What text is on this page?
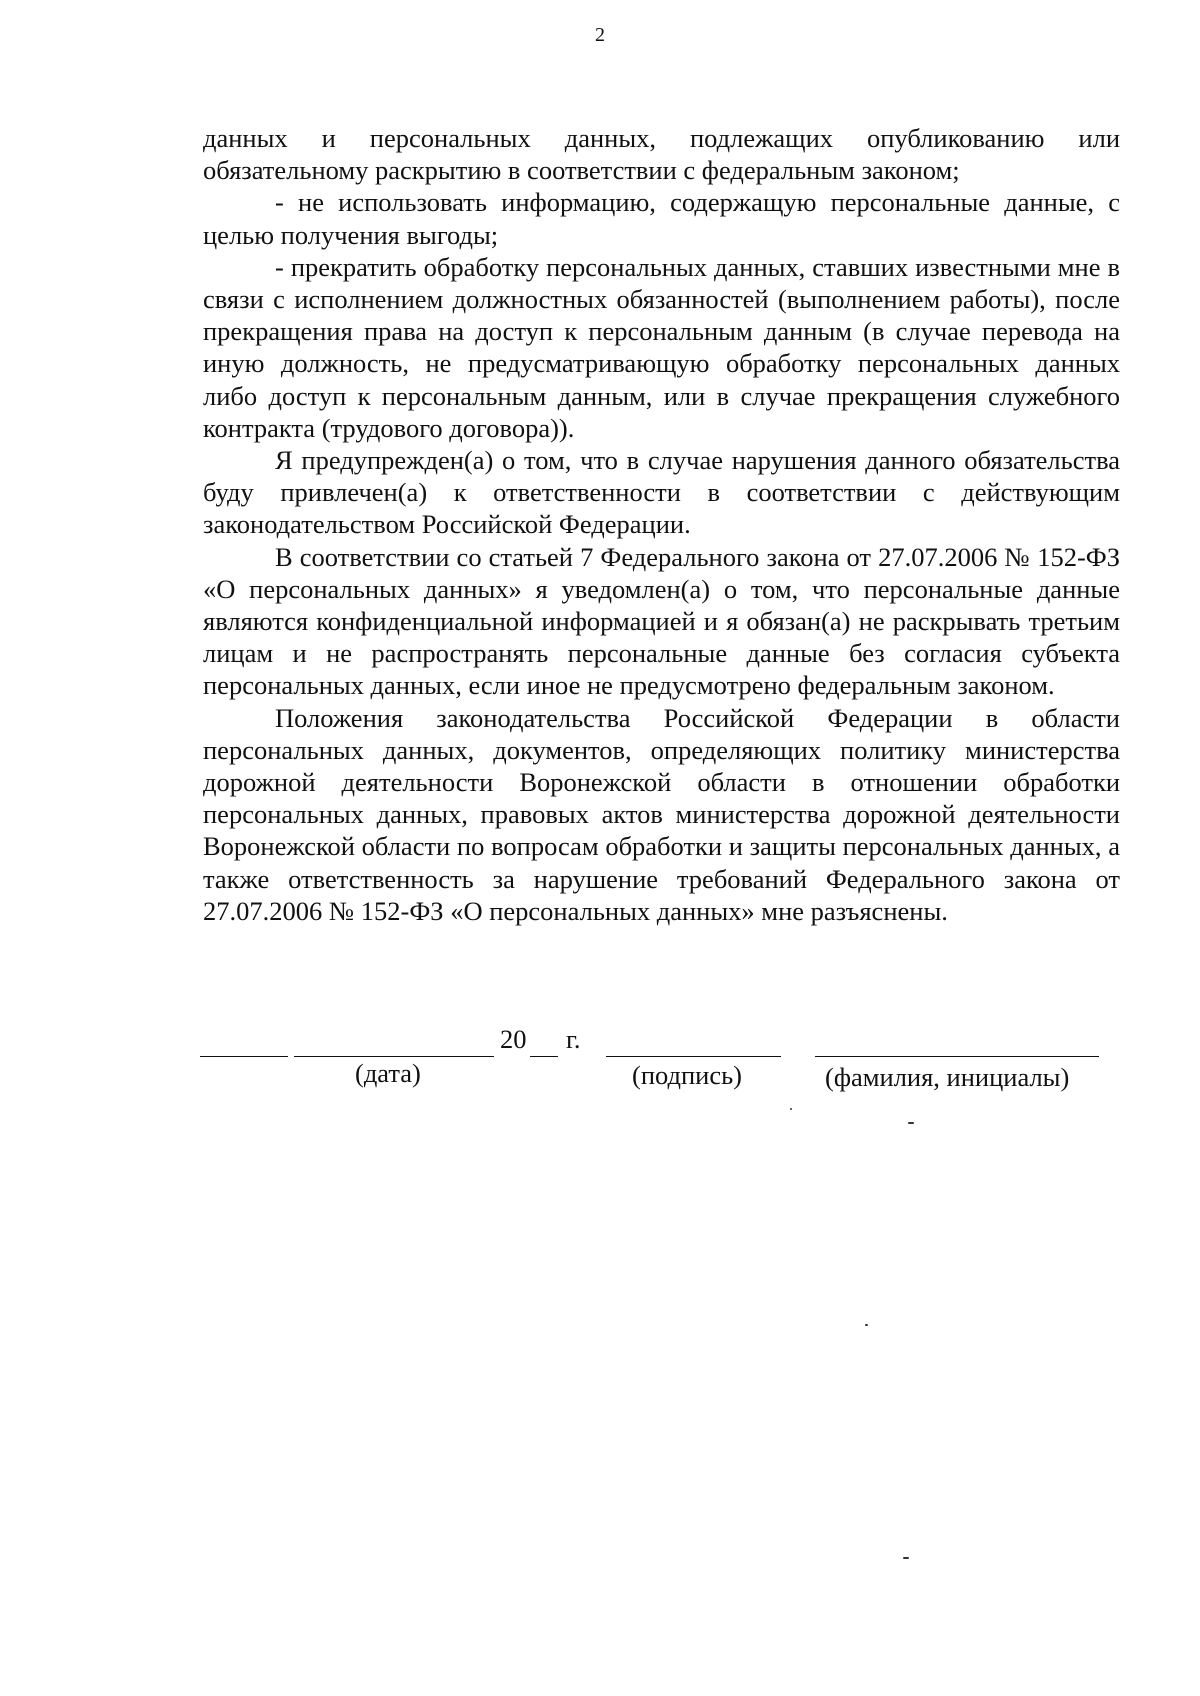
2

данных и персональных данных, подлежащих опубликованию или обязательному раскрытию в соответствии с федеральным законом;

- не использовать информацию, содержащую персональные данные, с целью получения выгоды;

- прекратить обработку персональных данных, ставших известными мне в связи с исполнением должностных обязанностей (выполнением работы), после прекращения права на доступ к персональным данным (в случае перевода на иную должность, не предусматривающую обработку персональных данных либо доступ к персональным данным, или в случае прекращения служебного контракта (трудового договора)).

Я предупрежден(а) о том, что в случае нарушения данного обязательства буду привлечен(а) к ответственности в соответствии с действующим законодательством Российской Федерации.

В соответствии со статьей 7 Федерального закона от 27.07.2006 № 152-ФЗ «О персональных данных» я уведомлен(а) о том, что персональные данные являются конфиденциальной информацией и я обязан(а) не раскрывать третьим лицам и не распространять персональные данные без согласия субъекта персональных данных, если иное не предусмотрено федеральным законом.

Положения законодательства Российской Федерации в области персональных данных, документов, определяющих политику министерства дорожной деятельности Воронежской области в отношении обработки персональных данных, правовых актов министерства дорожной деятельности Воронежской области по вопросам обработки и защиты персональных данных, а также ответственность за нарушение требований Федерального закона от 27.07.2006 № 152-ФЗ «О персональных данных» мне разъяснены.

20 г.
(дата)	(подпись)	(фамилия, инициалы)
